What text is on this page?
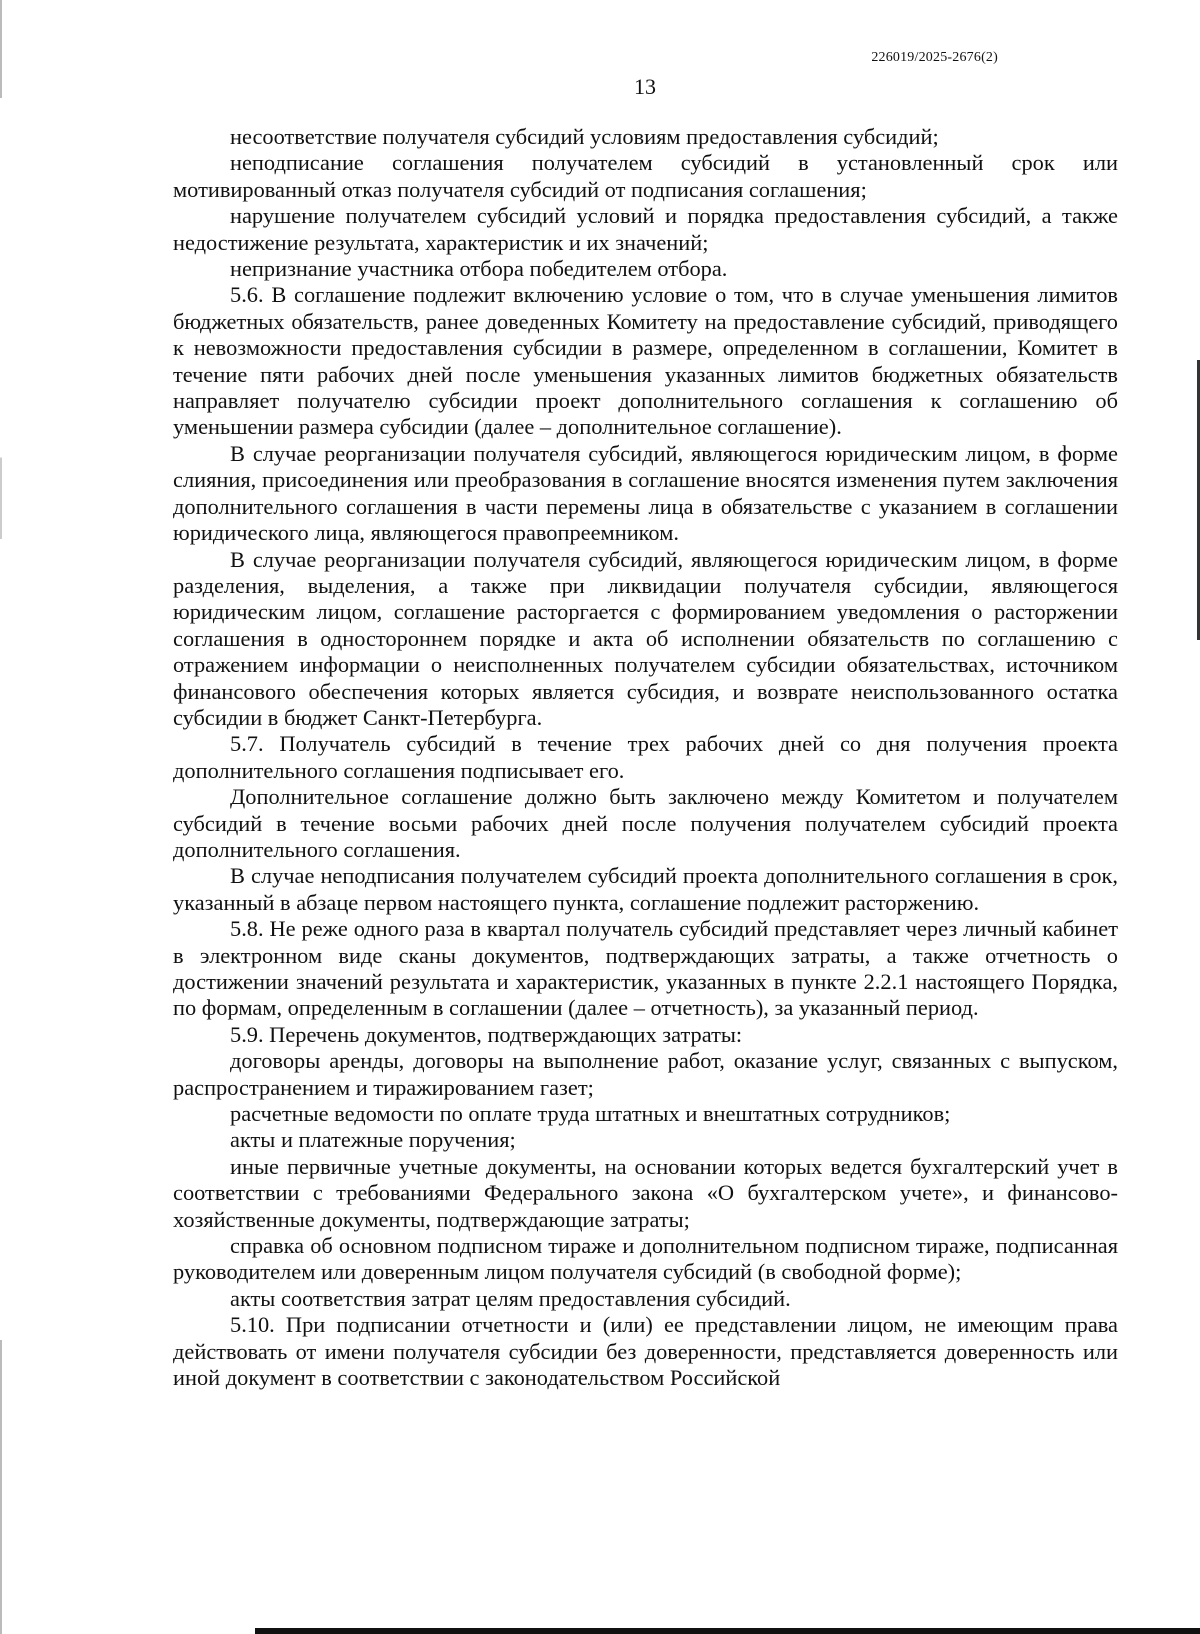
226019/2025-2676(2)
13

несоответствие получателя субсидий условиям предоставления субсидий;

неподписание соглашения получателем субсидий в установленный срок или мотивированный отказ получателя субсидий от подписания соглашения;

нарушение получателем субсидий условий и порядка предоставления субсидий, а также недостижение результата, характеристик и их значений;

непризнание участника отбора победителем отбора.

5.6. В соглашение подлежит включению условие о том, что в случае уменьшения лимитов бюджетных обязательств, ранее доведенных Комитету на предоставление субсидий, приводящего к невозможности предоставления субсидии в размере, определенном в соглашении, Комитет в течение пяти рабочих дней после уменьшения указанных лимитов бюджетных обязательств направляет получателю субсидии проект дополнительного соглашения к соглашению об уменьшении размера субсидии (далее – дополнительное соглашение).

В случае реорганизации получателя субсидий, являющегося юридическим лицом, в форме слияния, присоединения или преобразования в соглашение вносятся изменения путем заключения дополнительного соглашения в части перемены лица в обязательстве с указанием в соглашении юридического лица, являющегося правопреемником.

В случае реорганизации получателя субсидий, являющегося юридическим лицом, в форме разделения, выделения, а также при ликвидации получателя субсидии, являющегося юридическим лицом, соглашение расторгается с формированием уведомления о расторжении соглашения в одностороннем порядке и акта об исполнении обязательств по соглашению с отражением информации о неисполненных получателем субсидии обязательствах, источником финансового обеспечения которых является субсидия, и возврате неиспользованного остатка субсидии в бюджет Санкт-Петербурга.

5.7. Получатель субсидий в течение трех рабочих дней со дня получения проекта дополнительного соглашения подписывает его.

Дополнительное соглашение должно быть заключено между Комитетом и получателем субсидий в течение восьми рабочих дней после получения получателем субсидий проекта дополнительного соглашения.

В случае неподписания получателем субсидий проекта дополнительного соглашения в срок, указанный в абзаце первом настоящего пункта, соглашение подлежит расторжению.

5.8. Не реже одного раза в квартал получатель субсидий представляет через личный кабинет в электронном виде сканы документов, подтверждающих затраты, а также отчетность о достижении значений результата и характеристик, указанных в пункте 2.2.1 настоящего Порядка, по формам, определенным в соглашении (далее – отчетность), за указанный период.

5.9. Перечень документов, подтверждающих затраты:

договоры аренды, договоры на выполнение работ, оказание услуг, связанных с выпуском, распространением и тиражированием газет;

расчетные ведомости по оплате труда штатных и внештатных сотрудников;

акты и платежные поручения;

иные первичные учетные документы, на основании которых ведется бухгалтерский учет в соответствии с требованиями Федерального закона «О бухгалтерском учете», и финансово-хозяйственные документы, подтверждающие затраты;

справка об основном подписном тираже и дополнительном подписном тираже, подписанная руководителем или доверенным лицом получателя субсидий (в свободной форме);

акты соответствия затрат целям предоставления субсидий.

5.10. При подписании отчетности и (или) ее представлении лицом, не имеющим права действовать от имени получателя субсидии без доверенности, представляется доверенность или иной документ в соответствии с законодательством Российской
